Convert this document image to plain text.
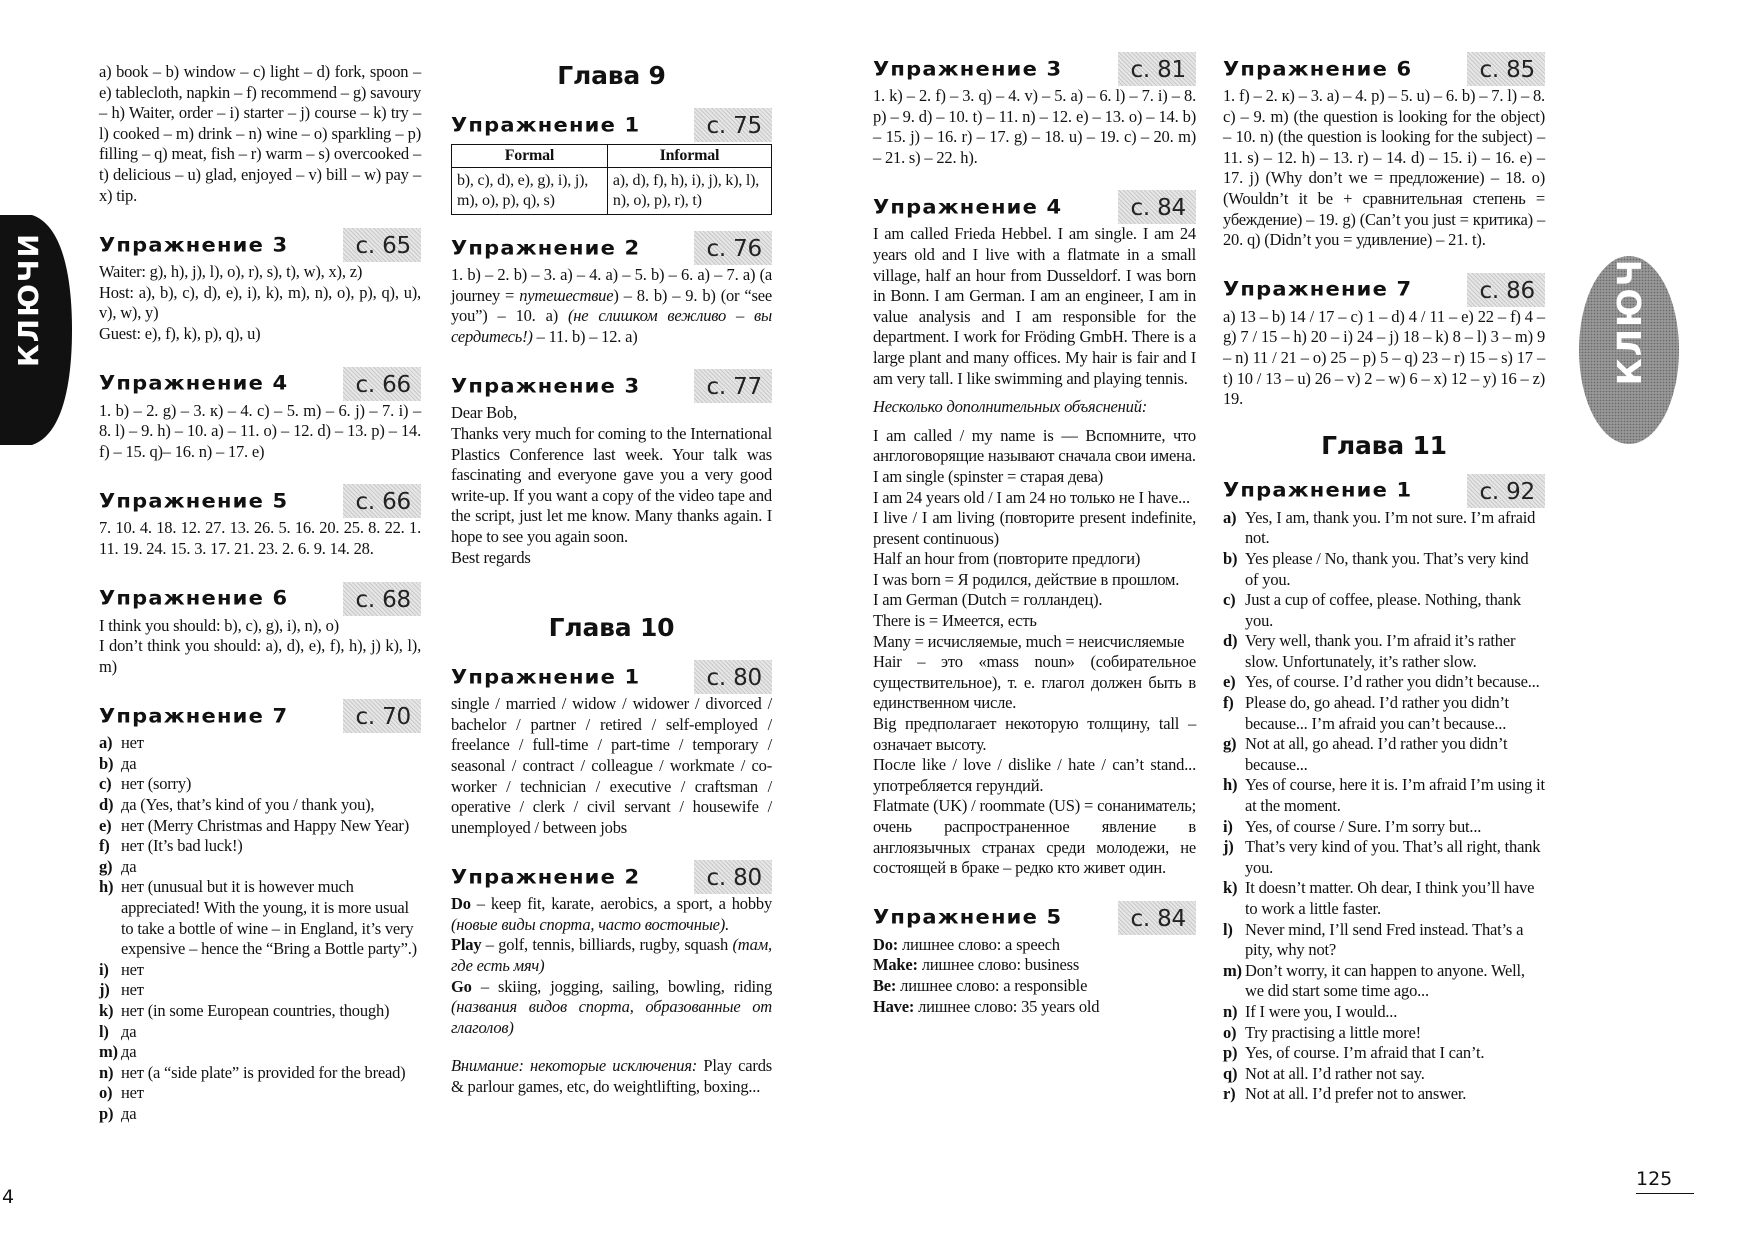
КЛЮЧИ	КЛЮЧИ

a) book – b) window – c) light – d) fork, spoon – e) tablecloth, napkin – f) recommend – g) savoury – h) Waiter, order – i) starter – j) course – k) try – l) cooked – m) drink – n) wine – o) sparkling – p) filling – q) meat, fish – r) warm – s) overcooked – t) delicious – u) glad, enjoyed – v) bill – w) pay – x) tip.

Упражнение 3	с. 65

Waiter: g), h), j), l), o), r), s), t), w), x), z)

Host: a), b), c), d), e), i), k), m), n), o), p), q), u), v), w), y)

Guest: e), f), k), p), q), u)

Упражнение 4	с. 66

1. b) – 2. g) – 3. к) – 4. c) – 5. m) – 6. j) – 7. i) – 8. l) – 9. h) – 10. a) – 11. o) – 12. d) – 13. p) – 14. f) – 15. q)– 16. n) – 17. e)

Упражнение 5	с. 66

7. 10. 4. 18. 12. 27. 13. 26. 5. 16. 20. 25. 8. 22. 1. 11. 19. 24. 15. 3. 17. 21. 23. 2. 6. 9. 14. 28.

Упражнение 6	с. 68

I think you should: b), c), g), i), n), o)

I don’t think you should: a), d), e), f), h), j) k), l), m)

Упражнение 7	с. 70
a) нет
b) да
c) нет (sorry)
d) да (Yes, that’s kind of you / thank you),
e) нет (Merry Christmas and Happy New Year)
f) нет (It’s bad luck!)
g) да
h) нет (unusual but it is however much appreciated! With the young, it is more usual to take a bottle of wine – in England, it’s very expensive – hence the “Bring a Bottle party”.)
i) нет
j) нет
k) нет (in some European countries, though)
l) да
m) да
n) нет (a “side plate” is provided for the bread)
o) нет
p) да
Глава 9
Упражнение 1	с. 75
Formal	Informal
b), c), d), e), g), i), j), m), o), p), q), s)	a), d), f), h), i), j), k), l), n), o), p), r), t)
Упражнение 2	с. 76

1. b) – 2. b) – 3. a) – 4. a) – 5. b) – 6. a) – 7. a) (a journey = путешествие) – 8. b) – 9. b) (or “see you”) – 10. a) (не слишком вежливо – вы сердитесь!) – 11. b) – 12. a)

Упражнение 3	с. 77

Dear Bob,

Thanks very much for coming to the International Plastics Conference last week. Your talk was fascinating and everyone gave you a very good write-up. If you want a copy of the video tape and the script, just let me know. Many thanks again. I hope to see you again soon.

Best regards

Глава 10
Упражнение 1	с. 80

single / married / widow / widower / divorced / bachelor / partner / retired / self-employed / freelance / full-time / part-time / temporary / seasonal / contract / colleague / workmate / co-worker / technician / executive / craftsman / operative / clerk / civil servant / housewife / unemployed / between jobs

Упражнение 2	с. 80

Do – keep fit, karate, aerobics, a sport, a hobby (новые виды спорта, часто восточные).

Play – golf, tennis, billiards, rugby, squash (там, где есть мяч)

Go – skiing, jogging, sailing, bowling, riding (названия видов спорта, образованные от глаголов)

Внимание: некоторые исключения: Play cards & parlour games, etc, do weightlifting, boxing...

Упражнение 3	с. 81

1. k) – 2. f) – 3. q) – 4. v) – 5. a) – 6. l) – 7. i) – 8. p) – 9. d) – 10. t) – 11. n) – 12. e) – 13. o) – 14. b) – 15. j) – 16. r) – 17. g) – 18. u) – 19. c) – 20. m) – 21. s) – 22. h).

Упражнение 4	с. 84

I am called Frieda Hebbel. I am single. I am 24 years old and I live with a flatmate in a small village, half an hour from Dusseldorf. I was born in Bonn. I am German. I am an engineer, I am in value analysis and I am responsible for the department. I work for Fröding GmbH. There is a large plant and many offices. My hair is fair and I am very tall. I like swimming and playing tennis.

Несколько дополнительных объяснений:

I am called / my name is — Вспомните, что англоговорящие называют сначала свои имена.

I am single (spinster = старая дева)

I am 24 years old / I am 24 но только не I have...

I live / I am living (повторите present indefinite, present continuous)

Half an hour from (повторите предлоги)

I was born = Я родился, действие в прошлом.

I am German (Dutch = голландец).

There is = Имеется, есть

Many = исчисляемые, much = неисчисляемые

Hair – это «mass noun» (собирательное существительное), т. е. глагол должен быть в единственном числе.

Big предполагает некоторую толщину, tall – означает высоту.

После like / love / dislike / hate / can’t stand... употребляется герундий.

Flatmate (UK) / roommate (US) = сонаниматель; очень распространенное явление в англоязычных странах среди молодежи, не состоящей в браке – редко кто живет один.

Упражнение 5	с. 84

Do: лишнее слово: a speech

Make: лишнее слово: business

Be: лишнее слово: a responsible

Have: лишнее слово: 35 years old

Упражнение 6	с. 85

1. f) – 2. к) – 3. a) – 4. p) – 5. u) – 6. b) – 7. l) – 8. c) – 9. m) (the question is looking for the object) – 10. n) (the question is looking for the subject) – 11. s) – 12. h) – 13. r) – 14. d) – 15. i) – 16. e) – 17. j) (Why don’t we = предложение) – 18. o) (Wouldn’t it be + сравнительная степень = убеждение) – 19. g) (Can’t you just = критика) – 20. q) (Didn’t you = удивление) – 21. t).

Упражнение 7	с. 86

a) 13 – b) 14 / 17 – c) 1 – d) 4 / 11 – e) 22 – f) 4 – g) 7 / 15 – h) 20 – i) 24 – j) 18 – k) 8 – l) 3 – m) 9 – n) 11 / 21 – o) 25 – p) 5 – q) 23 – r) 15 – s) 17 – t) 10 / 13 – u) 26 – v) 2 – w) 6 – x) 12 – y) 16 – z) 19.

Глава 11
Упражнение 1	с. 92
a) Yes, I am, thank you. I’m not sure. I’m afraid not.
b) Yes please / No, thank you. That’s very kind of you.
c) Just a cup of coffee, please. Nothing, thank you.
d) Very well, thank you. I’m afraid it’s rather slow. Unfortunately, it’s rather slow.
e) Yes, of course. I’d rather you didn’t because...
f) Please do, go ahead. I’d rather you didn’t because... I’m afraid you can’t because...
g) Not at all, go ahead. I’d rather you didn’t because...
h) Yes of course, here it is. I’m afraid I’m using it at the moment.
i) Yes, of course / Sure. I’m sorry but...
j) That’s very kind of you. That’s all right, thank you.
k) It doesn’t matter. Oh dear, I think you’ll have to work a little faster.
l) Never mind, I’ll send Fred instead. That’s a pity, why not?
m) Don’t worry, it can happen to anyone. Well, we did start some time ago...
n) If I were you, I would...
o) Try practising a little more!
p) Yes, of course. I’m afraid that I can’t.
q) Not at all. I’d rather not say.
r) Not at all. I’d prefer not to answer.
4
125
